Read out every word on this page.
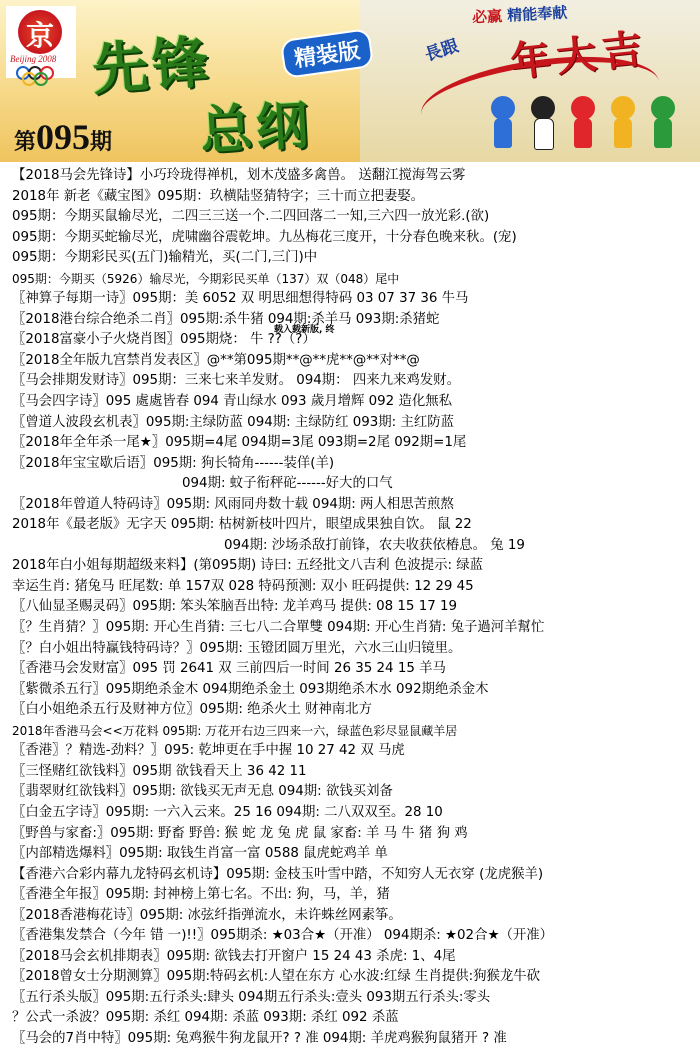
京
Beijing 2008 先锋
总纲
精装版
第095期
必赢 精能奉献
長跟 年大吉
【2018马会先锋诗】小巧玲珑得禅机，划木茂盛多禽兽。 送翻江搅海驾云雾
2018年 新老《藏宝图》095期：玖横陆竖猜特字；三十而立把妻娶。
095期：今期买鼠输尽光，二四三三送一个.二四回落二一知,三六四一放光彩.(欲)
095期：今期买蛇输尽光，虎啸幽谷震乾坤。九丛梅花三度开，十分春色晚来秋。(宠)
095期：今期彩民买(五门)输精光，买(二门,三门)中
095期：今期买（5926）输尽光，今期彩民买单（137）双（048）尾中
〖神算子每期一诗〗095期：美 6052 双 明思细想得特码 03 07 37 36 牛马
〖2018港台综合绝杀二肖〗095期:杀牛猪 094期:杀羊马 093期:杀猪蛇
〖2018富豪小子火烧肖图〗095期烧： 牛 ??（?）
〖2018全年版九宫禁肖发表区〗@**第095期**@**虎**@**对**@
〖马会排期发财诗〗095期：三来七来羊发财。 094期： 四来九来鸡发财。
〖马会四字诗〗095 處處皆春 094 青山绿水 093 歲月增辉 092 造化無私
〖曾道人波段玄机表〗095期:主绿防蓝 094期: 主绿防红 093期: 主红防蓝
〖2018年全年杀一尾★〗095期=4尾 094期=3尾 093期=2尾 092期=1尾
〖2018年宝宝歇后语〗095期: 狗长犄角------装佯(羊)
094期: 蚊子衔秤砣------好大的口气
〖2018年曾道人特码诗〗095期: 风雨同舟数十载 094期: 两人相思苦煎熬
2018年《最老版》无字天 095期: 枯树新枝叶四片，眼望成果独自饮。 鼠 22
094期: 沙场杀敌打前锋，农夫收获依椿息。 兔 19
2018年白小姐每期超级来料】(第095期) 诗曰: 五经批文八吉利 色波提示: 绿蓝
幸运生肖: 猪兔马 旺尾数: 单 157双 028 特码预测: 双小 旺码提供: 12 29 45
〖八仙显圣赐灵码〗095期: 笨头笨脑吾出特: 龙羊鸡马 提供: 08 15 17 19
〖？生肖猜？〗095期: 开心生肖猜: 三七八二合單雙 094期: 开心生肖猜: 兔子過河羊幫忙
〖？白小姐出特赢钱特码诗？〗095期: 玉镫团圆万里光，六水三山归镜里。
〖香港马会发财富〗095 罚 2641 双 三前四后一时间 26 35 24 15 羊马
〖紫微杀五行〗095期绝杀金木 094期绝杀金土 093期绝杀木水 092期绝杀金木
〖白小姐绝杀五行及财神方位〗095期: 绝杀火土 财神南北方
2018年香港马会<<万花料 095期: 万花开右边三四来一六，绿蓝色彩尽显鼠藏羊居
〖香港〗？精选-劲料？〗095: 乾坤更在手中握 10 27 42 双 马虎
〖三怪赌红欲钱料〗095期 欲钱看天上 36 42 11
〖翡翠财红欲钱料〗095期: 欲钱买无声无息 094期: 欲钱买刘备
〖白金五字诗〗095期: 一六入云来。25 16 094期: 二八双双至。28 10
〖野兽与家畜:〗095期: 野畜 野兽: 猴 蛇 龙 兔 虎 鼠 家畜: 羊 马 牛 猪 狗 鸡
〖内部精选爆料〗095期: 取钱生肖富一富 0588 鼠虎蛇鸡羊 单
【香港六合彩内幕九龙特码玄机诗】095期: 金枝玉叶雪中踏，不知穷人无衣穿 (龙虎猴羊)
〖香港全年报〗095期: 封神榜上第七名。不出: 狗，马，羊，猪
〖2018香港梅花诗〗095期: 冰弦纤指弹流水，未许蛛丝网素筝。
〖香港集发禁合（今年 错 一)!!〗095期杀: ★03合★（开准） 094期杀: ★02合★（开准）
〖2018马会玄机排期表〗095期: 欲钱去打开窗户 15 24 43 杀虎: 1、4尾
〖2018曾女士分期测算〗095期:特码玄机:人望在东方 心水波:红绿 生肖提供:狗猴龙牛砍
〖五行杀头版〗095期:五行杀头:肆头 094期五行杀头:壹头 093期五行杀头:零头
？公式一杀波？095期: 杀红 094期: 杀蓝 093期: 杀红 092 杀蓝
〖马会的7肖中特〗095期: 兔鸡猴牛狗龙鼠开? ? 准 094期: 羊虎鸡猴狗鼠猪开 ? 准
载入载新版, 终
